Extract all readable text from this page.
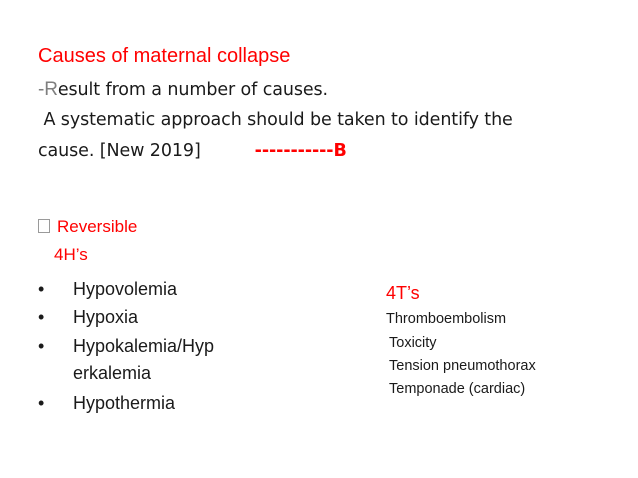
Causes of maternal collapse
-Result from a number of causes.
A systematic approach should be taken to identify the
cause. [New 2019]	-----------B
Reversible
4H’s
• Hypovolemia
• Hypoxia
• Hypokalemia/Hyp
erkalemia
• Hypothermia
4T’s
Thromboembolism
Toxicity
Tension pneumothorax
Temponade (cardiac)
